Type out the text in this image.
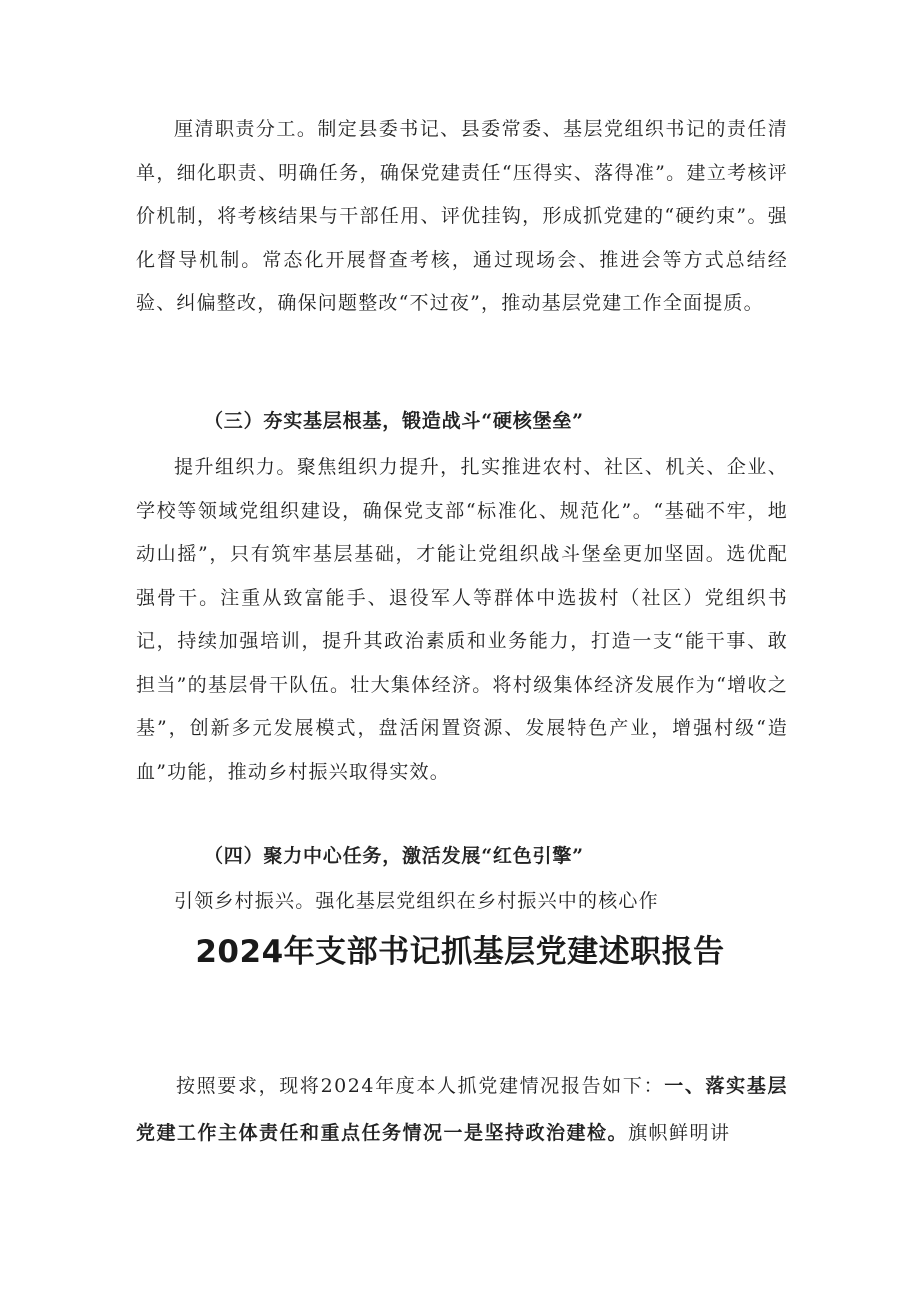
厘清职责分工。制定县委书记、县委常委、基层党组织书记的责任清单，细化职责、明确任务，确保党建责任“压得实、落得准”。建立考核评价机制，将考核结果与干部任用、评优挂钩，形成抓党建的“硬约束”。强化督导机制。常态化开展督查考核，通过现场会、推进会等方式总结经验、纠偏整改，确保问题整改“不过夜”，推动基层党建工作全面提质。

（三）夯实基层根基，锻造战斗“硬核堡垒”

提升组织力。聚焦组织力提升，扎实推进农村、社区、机关、企业、学校等领域党组织建设，确保党支部“标准化、规范化”。“基础不牢，地动山摇”，只有筑牢基层基础，才能让党组织战斗堡垒更加坚固。选优配强骨干。注重从致富能手、退役军人等群体中选拔村（社区）党组织书记，持续加强培训，提升其政治素质和业务能力，打造一支“能干事、敢担当”的基层骨干队伍。壮大集体经济。将村级集体经济发展作为“增收之基”，创新多元发展模式，盘活闲置资源、发展特色产业，增强村级“造血”功能，推动乡村振兴取得实效。

（四）聚力中心任务，激活发展“红色引擎”

引领乡村振兴。强化基层党组织在乡村振兴中的核心作

2024年支部书记抓基层党建述职报告

按照要求，现将2024年度本人抓党建情况报告如下：一、落实基层党建工作主体责任和重点任务情况一是坚持政治建检。旗帜鲜明讲
